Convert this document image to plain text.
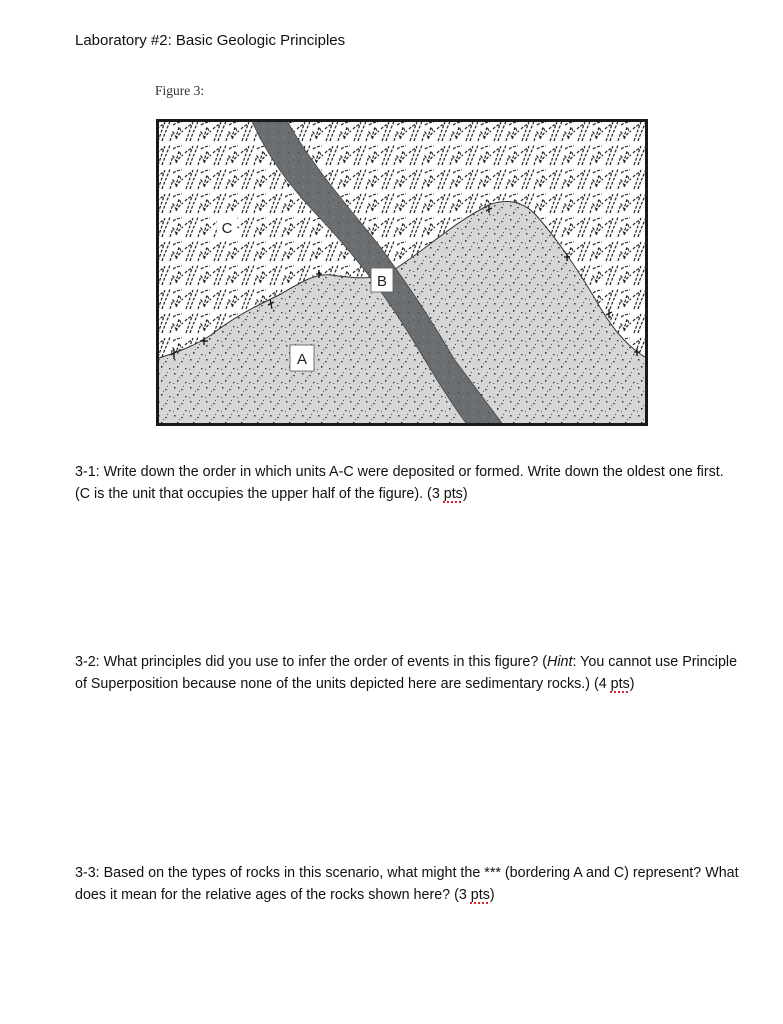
Laboratory #2: Basic Geologic Principles
Figure 3:
A
B
C

3-1: Write down the order in which units A-C were deposited or formed. Write down the oldest one first. (C is the unit that occupies the upper half of the figure). (3 pts)

3-2: What principles did you use to infer the order of events in this figure? (Hint: You cannot use Principle of Superposition because none of the units depicted here are sedimentary rocks.) (4 pts)

3-3: Based on the types of rocks in this scenario, what might the *** (bordering A and C) represent? What does it mean for the relative ages of the rocks shown here? (3 pts)
